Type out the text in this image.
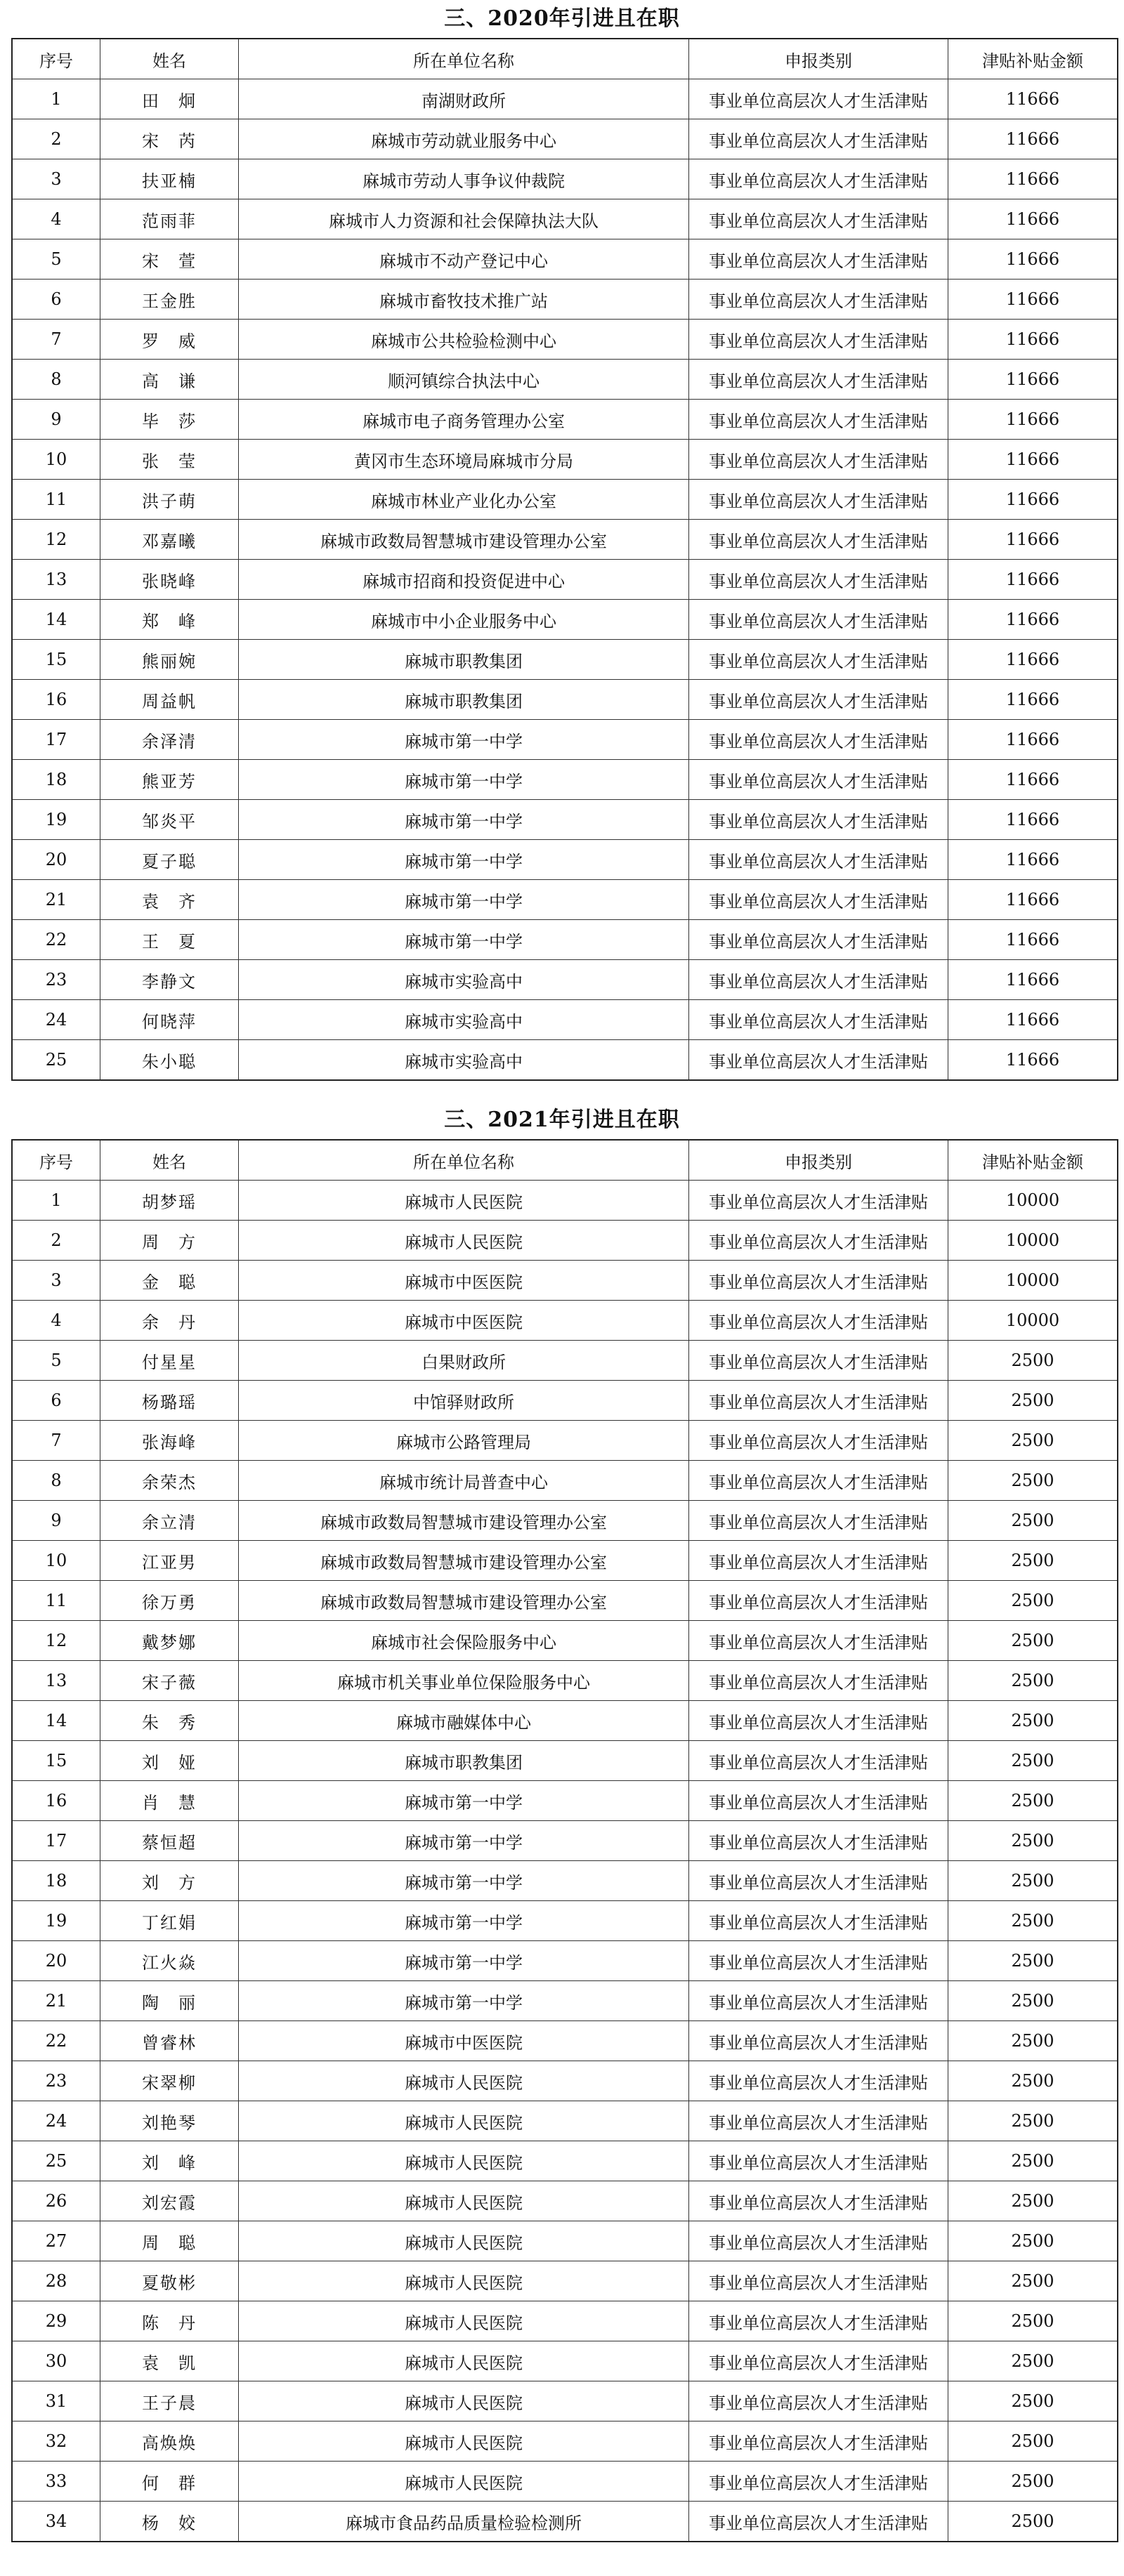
三、2020年引进且在职
序号	姓名	所在单位名称	申报类别	津贴补贴金额
1	田　炯	南湖财政所	事业单位高层次人才生活津贴	11666
2	宋　芮	麻城市劳动就业服务中心	事业单位高层次人才生活津贴	11666
3	扶亚楠	麻城市劳动人事争议仲裁院	事业单位高层次人才生活津贴	11666
4	范雨菲	麻城市人力资源和社会保障执法大队	事业单位高层次人才生活津贴	11666
5	宋　萱	麻城市不动产登记中心	事业单位高层次人才生活津贴	11666
6	王金胜	麻城市畜牧技术推广站	事业单位高层次人才生活津贴	11666
7	罗　威	麻城市公共检验检测中心	事业单位高层次人才生活津贴	11666
8	高　谦	顺河镇综合执法中心	事业单位高层次人才生活津贴	11666
9	毕　莎	麻城市电子商务管理办公室	事业单位高层次人才生活津贴	11666
10	张　莹	黄冈市生态环境局麻城市分局	事业单位高层次人才生活津贴	11666
11	洪子萌	麻城市林业产业化办公室	事业单位高层次人才生活津贴	11666
12	邓嘉曦	麻城市政数局智慧城市建设管理办公室	事业单位高层次人才生活津贴	11666
13	张晓峰	麻城市招商和投资促进中心	事业单位高层次人才生活津贴	11666
14	郑　峰	麻城市中小企业服务中心	事业单位高层次人才生活津贴	11666
15	熊丽婉	麻城市职教集团	事业单位高层次人才生活津贴	11666
16	周益帆	麻城市职教集团	事业单位高层次人才生活津贴	11666
17	余泽清	麻城市第一中学	事业单位高层次人才生活津贴	11666
18	熊亚芳	麻城市第一中学	事业单位高层次人才生活津贴	11666
19	邹炎平	麻城市第一中学	事业单位高层次人才生活津贴	11666
20	夏子聪	麻城市第一中学	事业单位高层次人才生活津贴	11666
21	袁　齐	麻城市第一中学	事业单位高层次人才生活津贴	11666
22	王　夏	麻城市第一中学	事业单位高层次人才生活津贴	11666
23	李静文	麻城市实验高中	事业单位高层次人才生活津贴	11666
24	何晓萍	麻城市实验高中	事业单位高层次人才生活津贴	11666
25	朱小聪	麻城市实验高中	事业单位高层次人才生活津贴	11666
三、2021年引进且在职
序号	姓名	所在单位名称	申报类别	津贴补贴金额
1	胡梦瑶	麻城市人民医院	事业单位高层次人才生活津贴	10000
2	周　方	麻城市人民医院	事业单位高层次人才生活津贴	10000
3	金　聪	麻城市中医医院	事业单位高层次人才生活津贴	10000
4	余　丹	麻城市中医医院	事业单位高层次人才生活津贴	10000
5	付星星	白果财政所	事业单位高层次人才生活津贴	2500
6	杨璐瑶	中馆驿财政所	事业单位高层次人才生活津贴	2500
7	张海峰	麻城市公路管理局	事业单位高层次人才生活津贴	2500
8	余荣杰	麻城市统计局普查中心	事业单位高层次人才生活津贴	2500
9	余立清	麻城市政数局智慧城市建设管理办公室	事业单位高层次人才生活津贴	2500
10	江亚男	麻城市政数局智慧城市建设管理办公室	事业单位高层次人才生活津贴	2500
11	徐万勇	麻城市政数局智慧城市建设管理办公室	事业单位高层次人才生活津贴	2500
12	戴梦娜	麻城市社会保险服务中心	事业单位高层次人才生活津贴	2500
13	宋子薇	麻城市机关事业单位保险服务中心	事业单位高层次人才生活津贴	2500
14	朱　秀	麻城市融媒体中心	事业单位高层次人才生活津贴	2500
15	刘　娅	麻城市职教集团	事业单位高层次人才生活津贴	2500
16	肖　慧	麻城市第一中学	事业单位高层次人才生活津贴	2500
17	蔡恒超	麻城市第一中学	事业单位高层次人才生活津贴	2500
18	刘　方	麻城市第一中学	事业单位高层次人才生活津贴	2500
19	丁红娟	麻城市第一中学	事业单位高层次人才生活津贴	2500
20	江火焱	麻城市第一中学	事业单位高层次人才生活津贴	2500
21	陶　丽	麻城市第一中学	事业单位高层次人才生活津贴	2500
22	曾睿林	麻城市中医医院	事业单位高层次人才生活津贴	2500
23	宋翠柳	麻城市人民医院	事业单位高层次人才生活津贴	2500
24	刘艳琴	麻城市人民医院	事业单位高层次人才生活津贴	2500
25	刘　峰	麻城市人民医院	事业单位高层次人才生活津贴	2500
26	刘宏霞	麻城市人民医院	事业单位高层次人才生活津贴	2500
27	周　聪	麻城市人民医院	事业单位高层次人才生活津贴	2500
28	夏敬彬	麻城市人民医院	事业单位高层次人才生活津贴	2500
29	陈　丹	麻城市人民医院	事业单位高层次人才生活津贴	2500
30	袁　凯	麻城市人民医院	事业单位高层次人才生活津贴	2500
31	王子晨	麻城市人民医院	事业单位高层次人才生活津贴	2500
32	高焕焕	麻城市人民医院	事业单位高层次人才生活津贴	2500
33	何　群	麻城市人民医院	事业单位高层次人才生活津贴	2500
34	杨　姣	麻城市食品药品质量检验检测所	事业单位高层次人才生活津贴	2500
